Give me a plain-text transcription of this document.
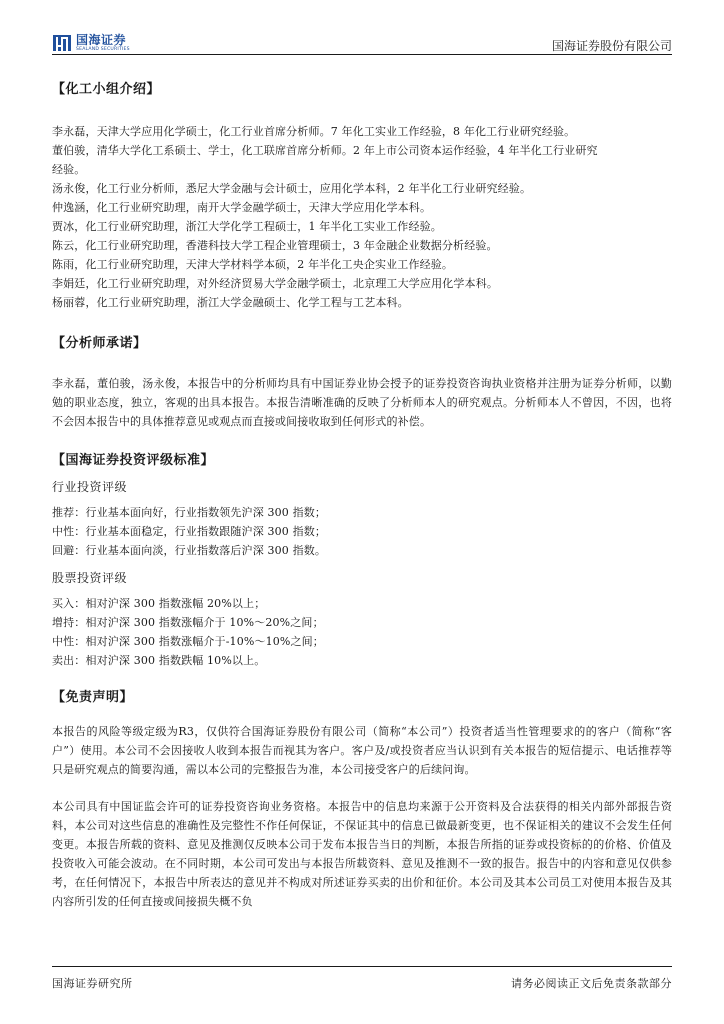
国海证券
SEALAND SECURITIES	国海证券股份有限公司
【化工小组介绍】
李永磊，天津大学应用化学硕士，化工行业首席分析师。7 年化工实业工作经验，8 年化工行业研究经验。
董伯骏，清华大学化工系硕士、学士，化工联席首席分析师。2 年上市公司资本运作经验，4 年半化工行业研究
经验。
汤永俊，化工行业分析师，悉尼大学金融与会计硕士，应用化学本科，2 年半化工行业研究经验。
仲逸涵，化工行业研究助理，南开大学金融学硕士，天津大学应用化学本科。
贾冰，化工行业研究助理，浙江大学化学工程硕士，1 年半化工实业工作经验。
陈云，化工行业研究助理，香港科技大学工程企业管理硕士，3 年金融企业数据分析经验。
陈雨，化工行业研究助理，天津大学材料学本硕，2 年半化工央企实业工作经验。
李娟廷，化工行业研究助理，对外经济贸易大学金融学硕士，北京理工大学应用化学本科。
杨丽蓉，化工行业研究助理，浙江大学金融硕士、化学工程与工艺本科。
【分析师承诺】
李永磊，董伯骏，汤永俊，本报告中的分析师均具有中国证券业协会授予的证券投资咨询执业资格并注册为证券分析师，以勤勉的职业态度，独立，客观的出具本报告。本报告清晰准确的反映了分析师本人的研究观点。分析师本人不曾因，不因，也将不会因本报告中的具体推荐意见或观点而直接或间接收取到任何形式的补偿。
【国海证券投资评级标准】
行业投资评级
推荐：行业基本面向好，行业指数领先沪深 300 指数；
中性：行业基本面稳定，行业指数跟随沪深 300 指数；
回避：行业基本面向淡，行业指数落后沪深 300 指数。
股票投资评级
买入：相对沪深 300 指数涨幅 20%以上；
增持：相对沪深 300 指数涨幅介于 10%～20%之间；
中性：相对沪深 300 指数涨幅介于-10%～10%之间；
卖出：相对沪深 300 指数跌幅 10%以上。
【免责声明】
本报告的风险等级定级为R3，仅供符合国海证券股份有限公司（简称“本公司”）投资者适当性管理要求的的客户（简称“客户”）使用。本公司不会因接收人收到本报告而视其为客户。客户及/或投资者应当认识到有关本报告的短信提示、电话推荐等只是研究观点的简要沟通，需以本公司的完整报告为准，本公司接受客户的后续问询。
本公司具有中国证监会许可的证券投资咨询业务资格。本报告中的信息均来源于公开资料及合法获得的相关内部外部报告资料，本公司对这些信息的准确性及完整性不作任何保证，不保证其中的信息已做最新变更，也不保证相关的建议不会发生任何变更。本报告所载的资料、意见及推测仅反映本公司于发布本报告当日的判断，本报告所指的证券或投资标的的价格、价值及投资收入可能会波动。在不同时期，本公司可发出与本报告所载资料、意见及推测不一致的报告。报告中的内容和意见仅供参考，在任何情况下，本报告中所表达的意见并不构成对所述证券买卖的出价和征价。本公司及其本公司员工对使用本报告及其内容所引发的任何直接或间接损失概不负
国海证券研究所	请务必阅读正文后免责条款部分
